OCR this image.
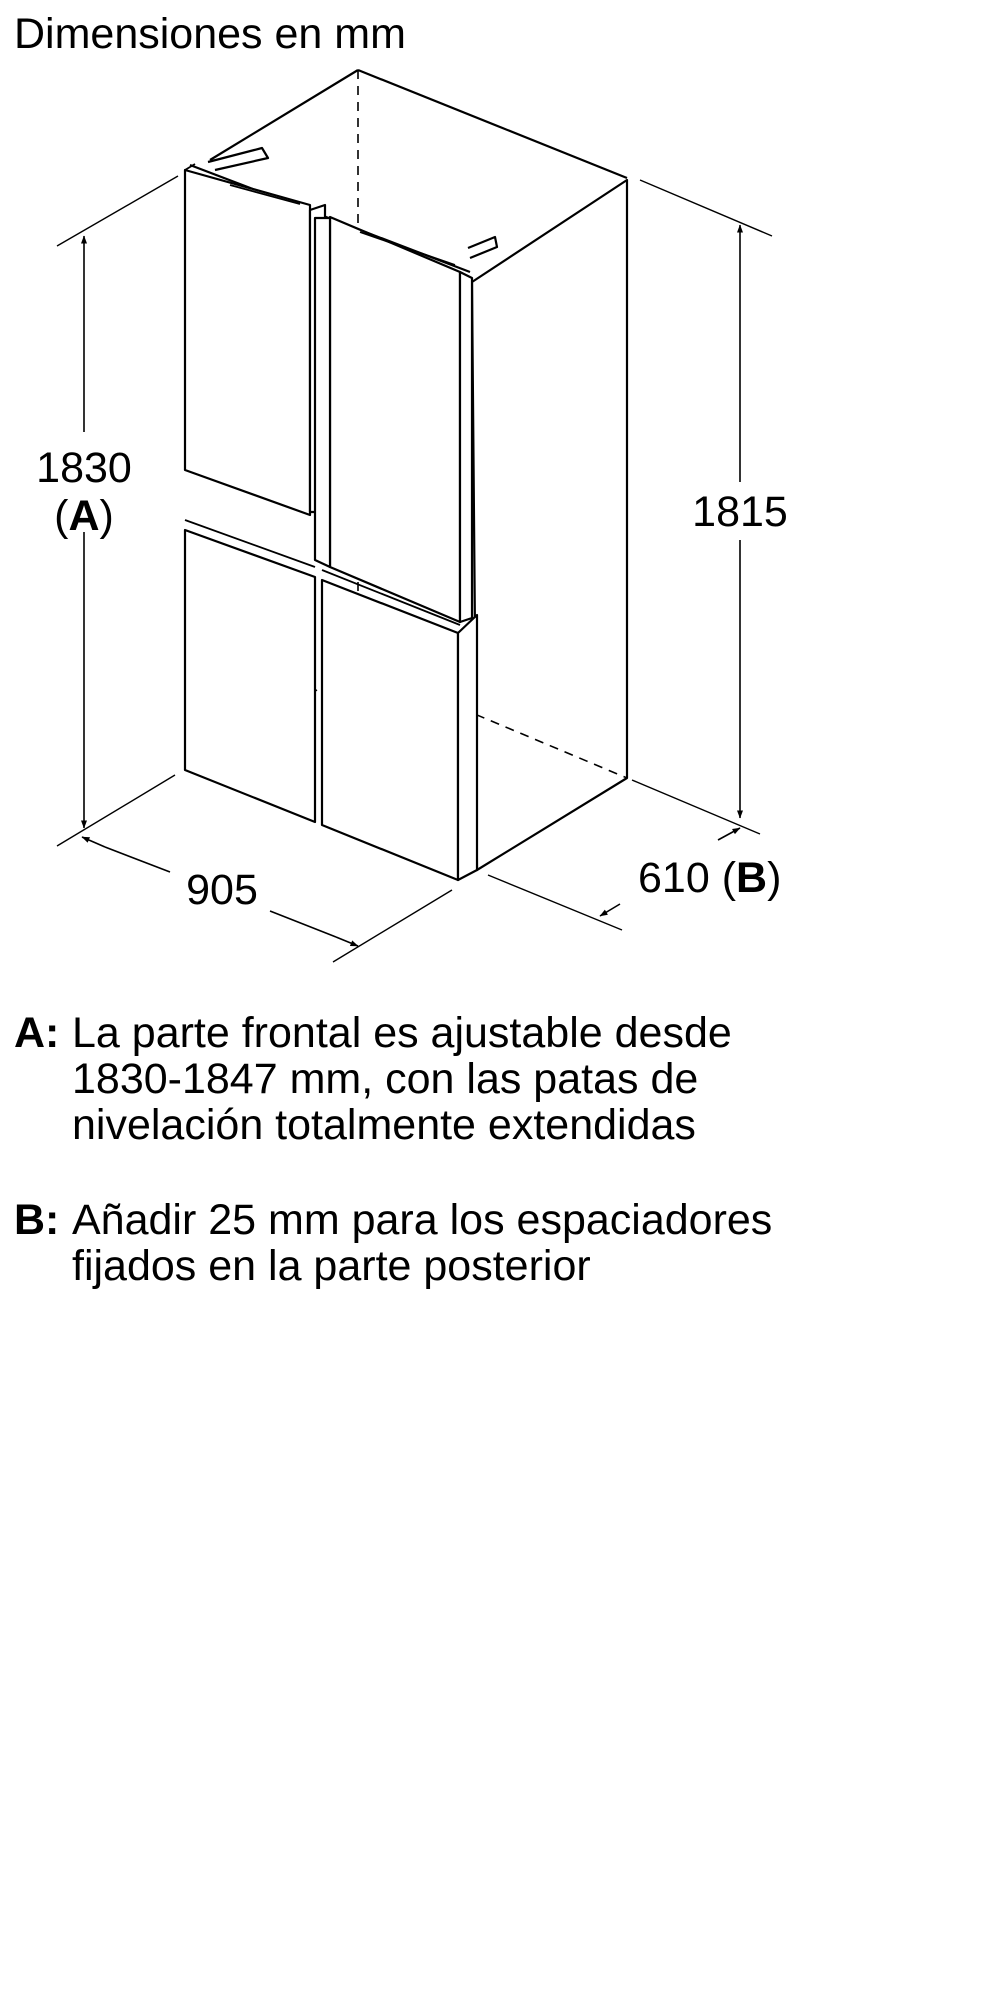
Dimensiones en mm
1830
(A)	1815
905	610 (B)
A: La parte frontal es ajustable desde
1830-1847 mm, con las patas de
nivelación totalmente extendidas
B: Añadir 25 mm para los espaciadores
fijados en la parte posterior
